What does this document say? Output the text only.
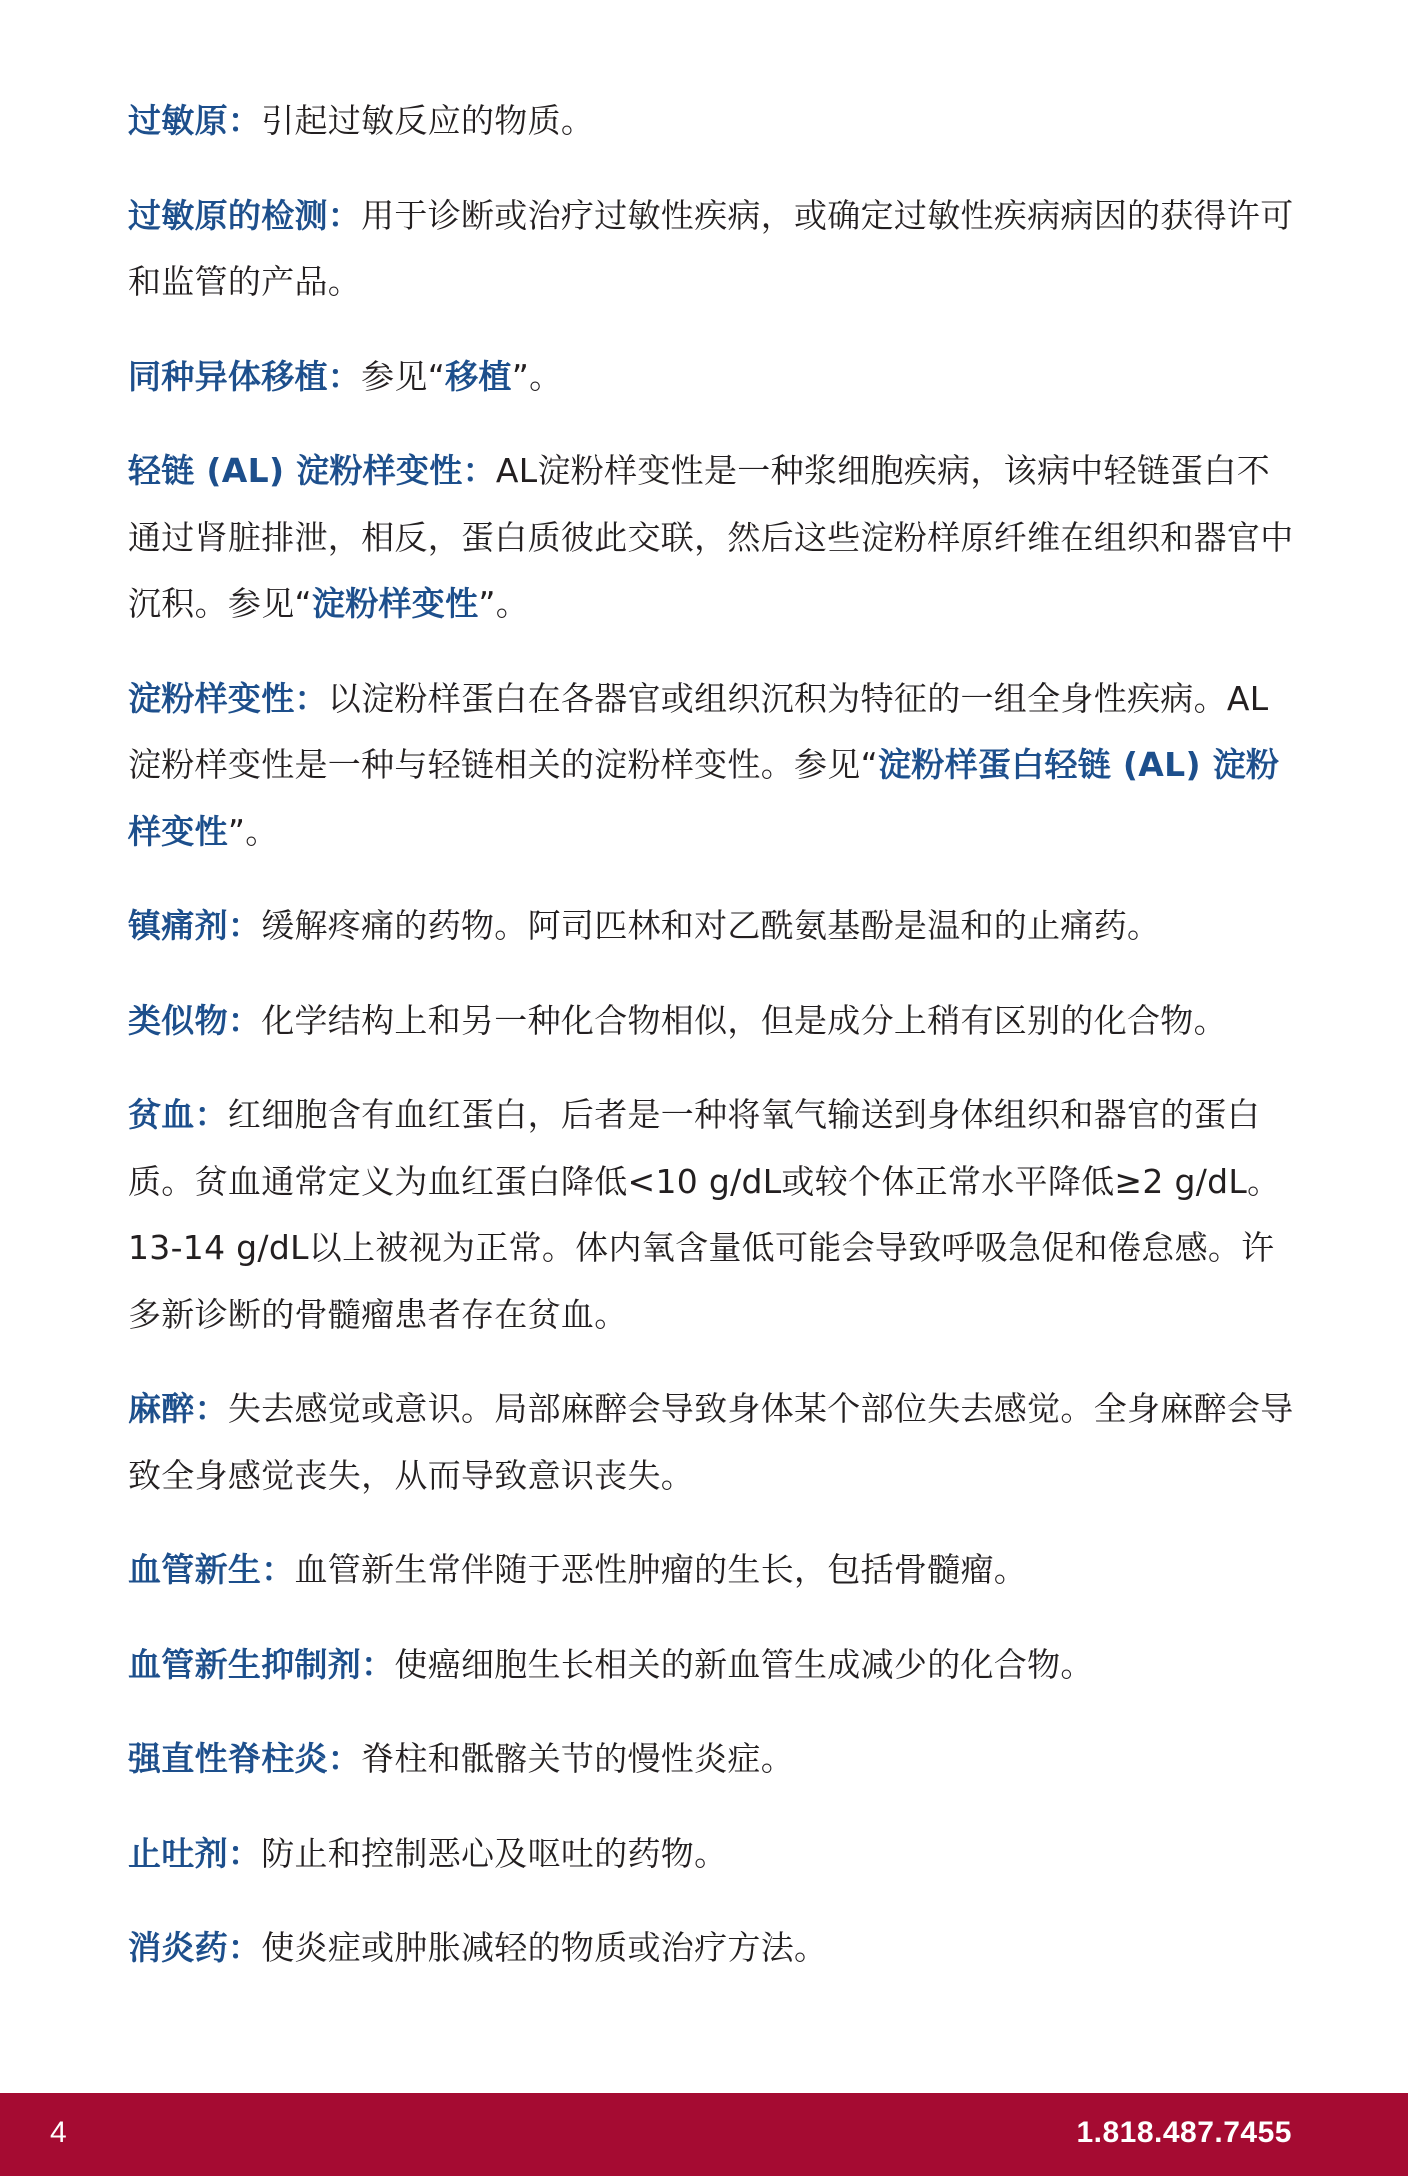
过敏原：引起过敏反应的物质。

过敏原的检测：用于诊断或治疗过敏性疾病，或确定过敏性疾病病因的获得许可和监管的产品。

同种异体移植：参见“移植”。

轻链 (AL) 淀粉样变性：AL淀粉样变性是一种浆细胞疾病，该病中轻链蛋白不通过肾脏排泄，相反，蛋白质彼此交联，然后这些淀粉样原纤维在组织和器官中沉积。参见“淀粉样变性”。

淀粉样变性：以淀粉样蛋白在各器官或组织沉积为特征的一组全身性疾病。AL淀粉样变性是一种与轻链相关的淀粉样变性。参见“淀粉样蛋白轻链 (AL) 淀粉样变性”。

镇痛剂：缓解疼痛的药物。阿司匹林和对乙酰氨基酚是温和的止痛药。

类似物：化学结构上和另一种化合物相似，但是成分上稍有区别的化合物。

贫血：红细胞含有血红蛋白，后者是一种将氧气输送到身体组织和器官的蛋白质。贫血通常定义为血红蛋白降低<10 g/dL或较个体正常水平降低≥2 g/dL。13-14 g/dL以上被视为正常。体内氧含量低可能会导致呼吸急促和倦怠感。许多新诊断的骨髓瘤患者存在贫血。

麻醉：失去感觉或意识。局部麻醉会导致身体某个部位失去感觉。全身麻醉会导致全身感觉丧失，从而导致意识丧失。

血管新生：血管新生常伴随于恶性肿瘤的生长，包括骨髓瘤。

血管新生抑制剂：使癌细胞生长相关的新血管生成减少的化合物。

强直性脊柱炎：脊柱和骶髂关节的慢性炎症。

止吐剂：防止和控制恶心及呕吐的药物。

消炎药：使炎症或肿胀减轻的物质或治疗方法。

4	1.818.487.7455
